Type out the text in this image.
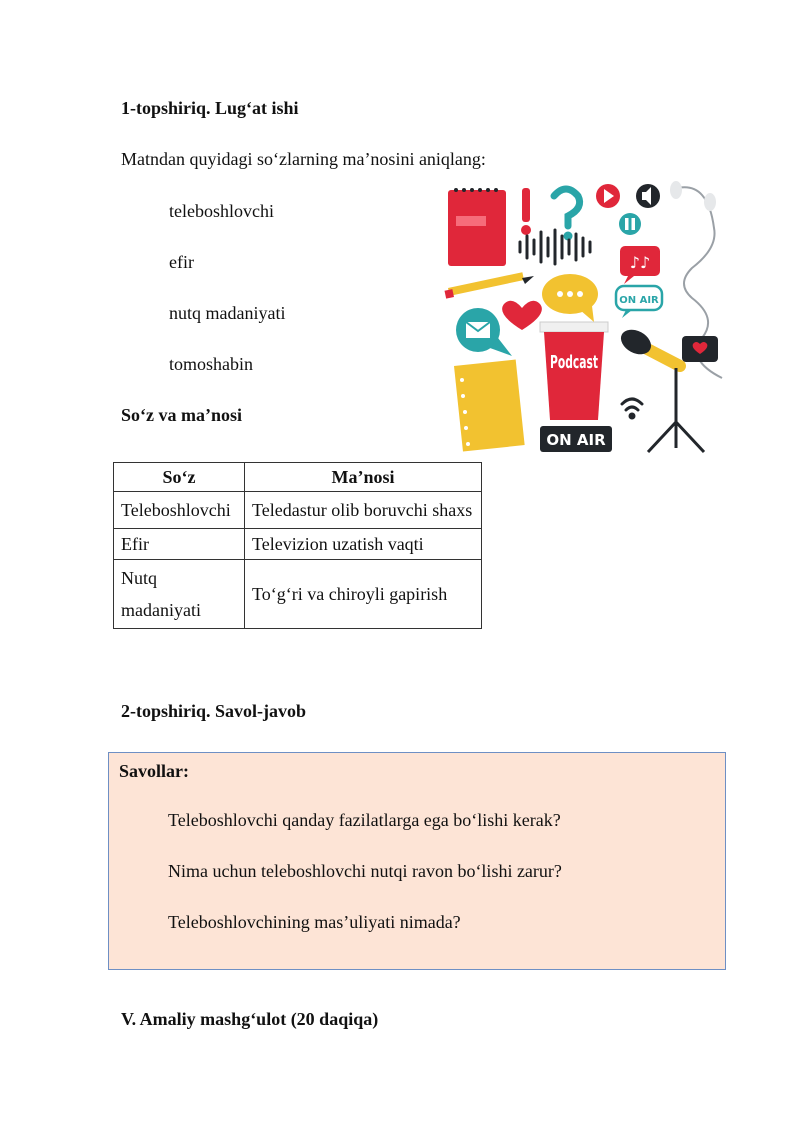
1-topshiriq. Lug‘at ishi
Matndan quyidagi so‘zlarning ma’nosini aniqlang:
teleboshlovchi
efir
nutq madaniyati
tomoshabin
So‘z va ma’nosi
♪♪
ON AIR
Podcast
ON AIR
So‘z	Ma’nosi
Teleboshlovchi	Teledastur olib boruvchi shaxs
Efir	Televizion uzatish vaqti
Nutq madaniyati	To‘g‘ri va chiroyli gapirish
2-topshiriq. Savol-javob
Savollar:
Teleboshlovchi qanday fazilatlarga ega bo‘lishi kerak?
Nima uchun teleboshlovchi nutqi ravon bo‘lishi zarur?
Teleboshlovchining mas’uliyati nimada?
V. Amaliy mashg‘ulot (20 daqiqa)
